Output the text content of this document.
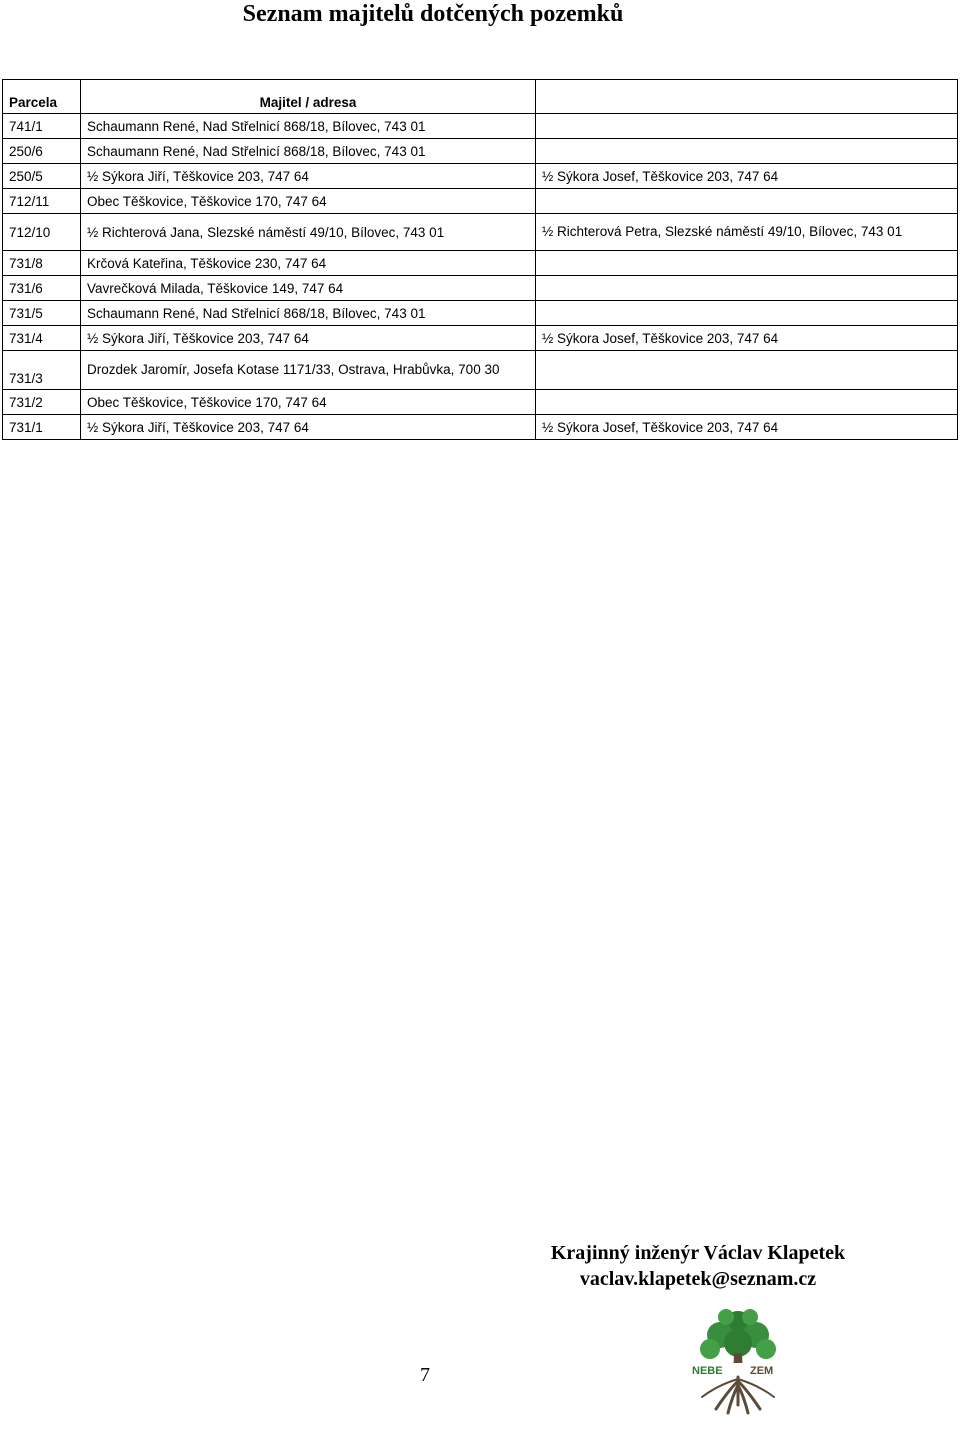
Seznam majitelů dotčených pozemků
Parcela	Majitel / adresa	
741/1	Schaumann René, Nad Střelnicí 868/18, Bílovec, 743 01	
250/6	Schaumann René, Nad Střelnicí 868/18, Bílovec, 743 01	
250/5	½ Sýkora Jiří, Těškovice 203, 747 64	½ Sýkora Josef, Těškovice 203, 747 64
712/11	Obec Těškovice, Těškovice 170, 747 64	
712/10	½ Richterová Jana, Slezské náměstí 49/10, Bílovec, 743 01	½ Richterová Petra, Slezské náměstí 49/10, Bílovec, 743 01
731/8	Krčová Kateřina, Těškovice 230, 747 64	
731/6	Vavrečková Milada, Těškovice 149, 747 64	
731/5	Schaumann René, Nad Střelnicí 868/18, Bílovec, 743 01	
731/4	½ Sýkora Jiří, Těškovice 203, 747 64	½ Sýkora Josef, Těškovice 203, 747 64
731/3	Drozdek Jaromír, Josefa Kotase 1171/33, Ostrava, Hrabůvka, 700 30	
731/2	Obec Těškovice, Těškovice 170, 747 64	
731/1	½ Sýkora Jiří, Těškovice 203, 747 64	½ Sýkora Josef, Těškovice 203, 747 64
Krajinný inženýr Václav Klapetek
vaclav.klapetek@seznam.cz
7	NEBE ZEM
